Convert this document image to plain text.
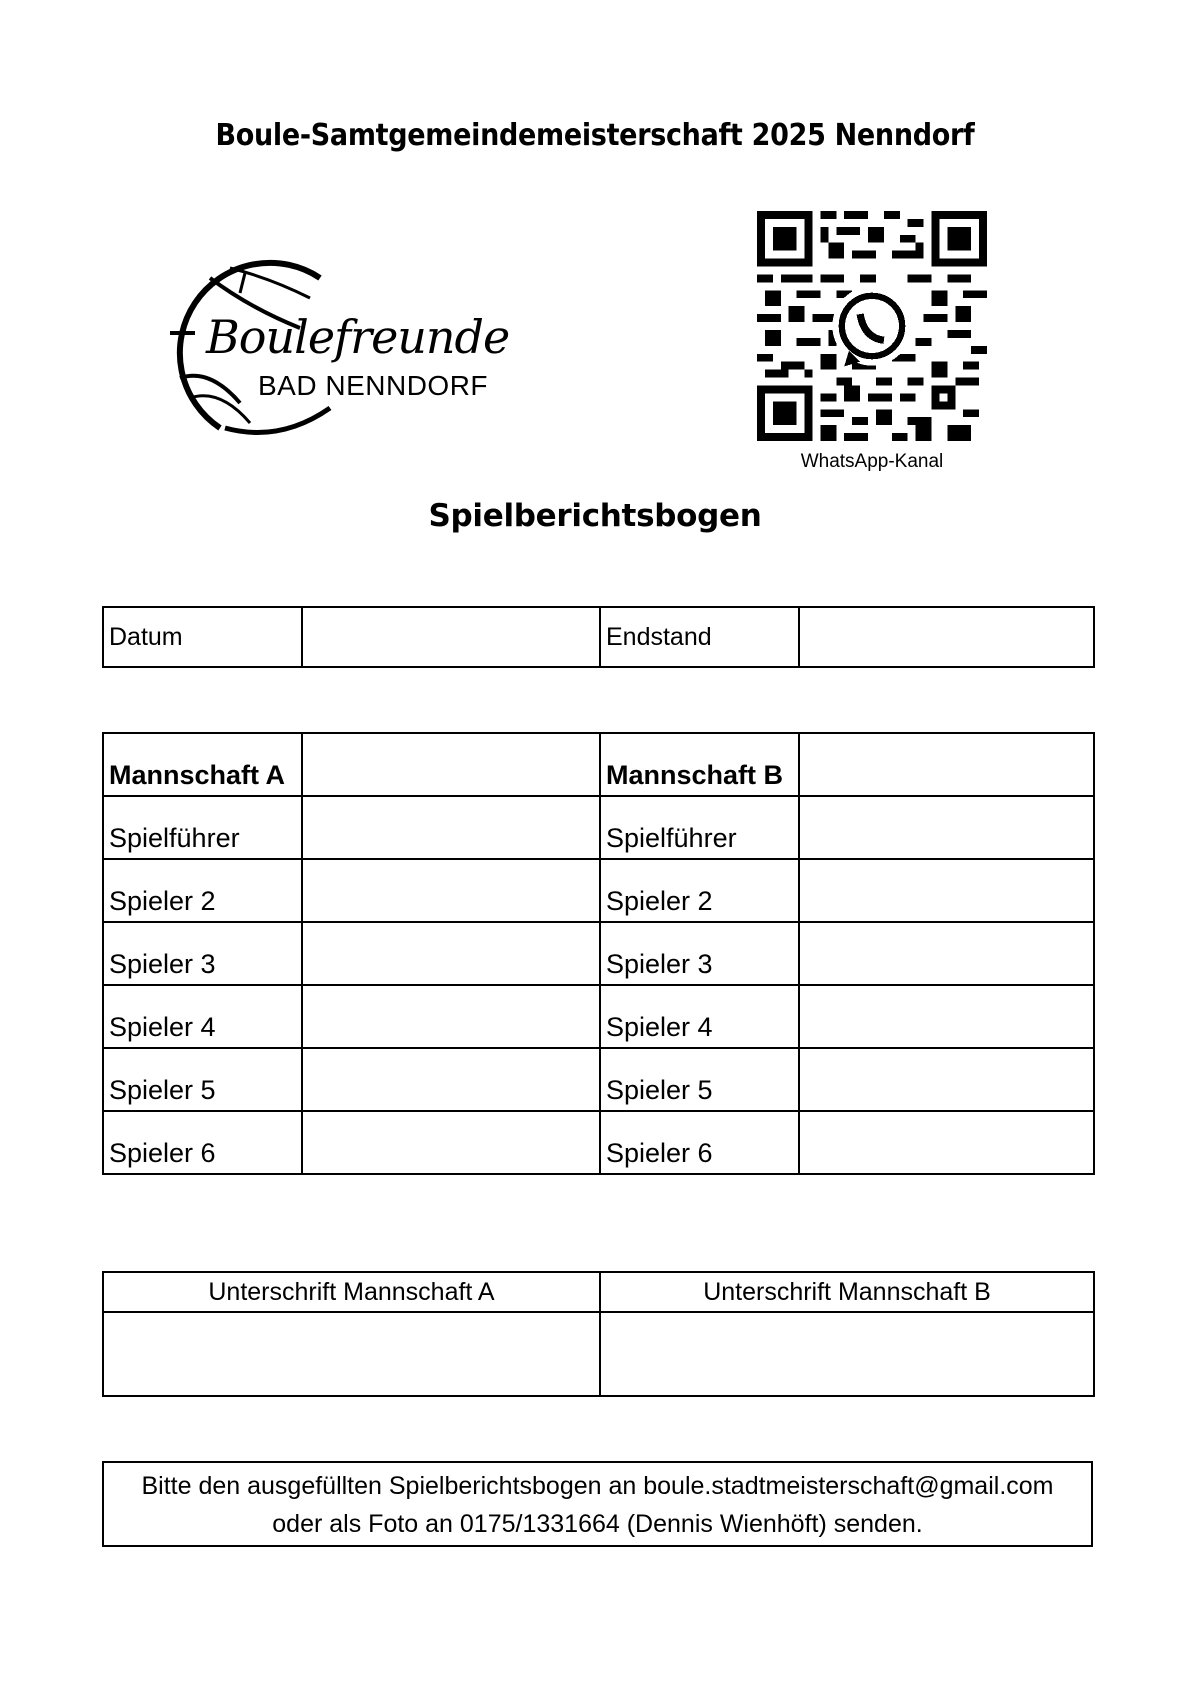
Boule-Samtgemeindemeisterschaft 2025 Nenndorf
Boulefreunde
BAD NENNDORF
WhatsApp-Kanal
Spielberichtsbogen
Datum		Endstand	
Mannschaft A		Mannschaft B	
Spielführer		Spielführer	
Spieler 2		Spieler 2	
Spieler 3		Spieler 3	
Spieler 4		Spieler 4	
Spieler 5		Spieler 5	
Spieler 6		Spieler 6	
Unterschrift Mannschaft A	Unterschrift Mannschaft B

Bitte den ausgefüllten Spielberichtsbogen an boule.stadtmeisterschaft@gmail.com
oder als Foto an 0175/1331664 (Dennis Wienhöft) senden.
